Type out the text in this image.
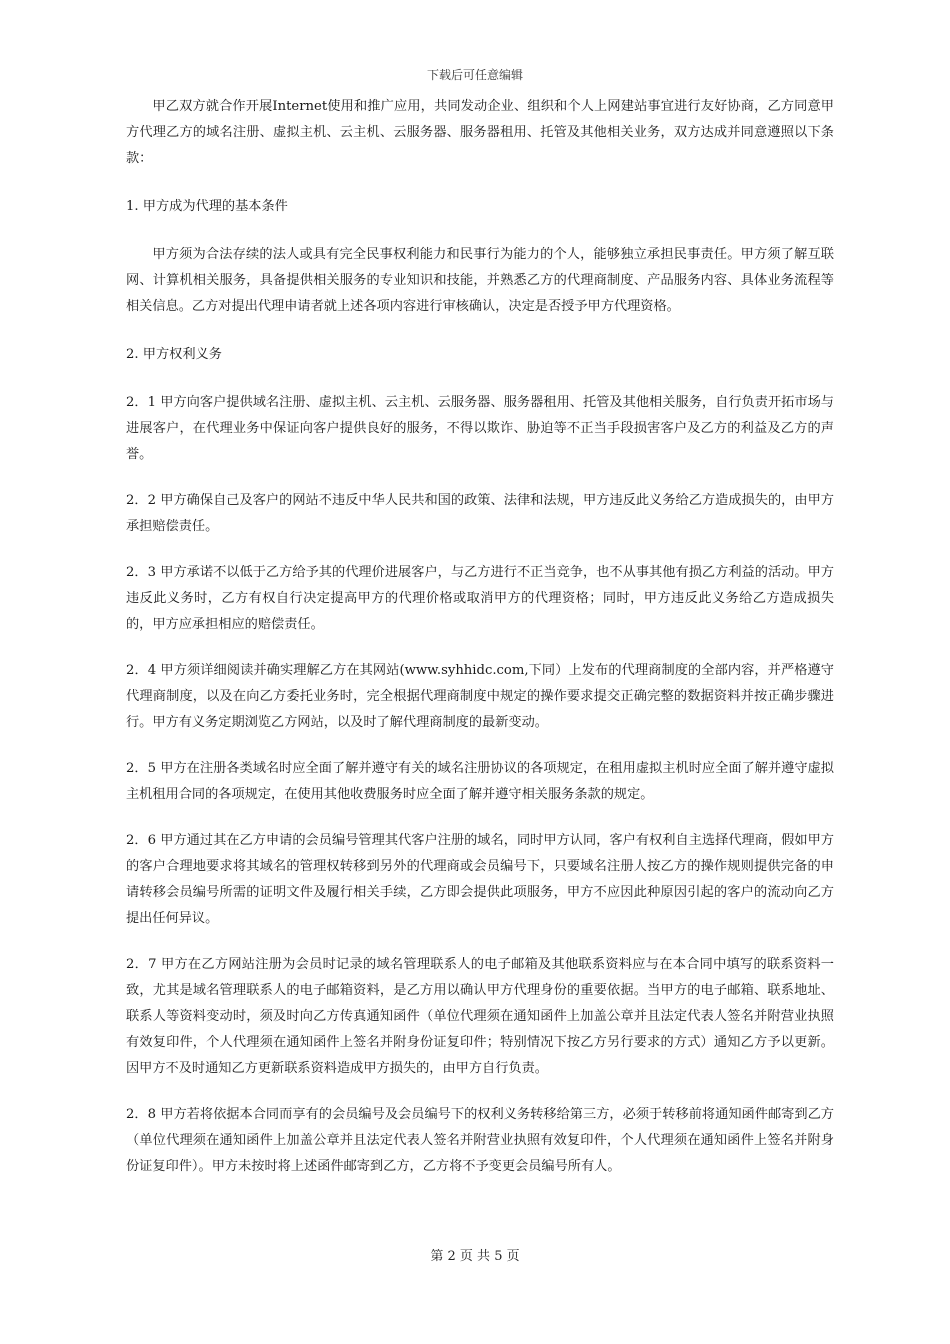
下载后可任意编辑

甲乙双方就合作开展Internet使用和推广应用，共同发动企业、组织和个人上网建站事宜进行友好协商，乙方同意甲方代理乙方的域名注册、虚拟主机、云主机、云服务器、服务器租用、托管及其他相关业务，双方达成并同意遵照以下条款：

1. 甲方成为代理的基本条件

甲方须为合法存续的法人或具有完全民事权利能力和民事行为能力的个人，能够独立承担民事责任。甲方须了解互联网、计算机相关服务，具备提供相关服务的专业知识和技能，并熟悉乙方的代理商制度、产品服务内容、具体业务流程等相关信息。乙方对提出代理申请者就上述各项内容进行审核确认，决定是否授予甲方代理资格。

2. 甲方权利义务

2．1 甲方向客户提供域名注册、虚拟主机、云主机、云服务器、服务器租用、托管及其他相关服务，自行负责开拓市场与进展客户，在代理业务中保证向客户提供良好的服务，不得以欺诈、胁迫等不正当手段损害客户及乙方的利益及乙方的声誉。

2．2 甲方确保自己及客户的网站不违反中华人民共和国的政策、法律和法规，甲方违反此义务给乙方造成损失的，由甲方承担赔偿责任。

2．3 甲方承诺不以低于乙方给予其的代理价进展客户，与乙方进行不正当竞争，也不从事其他有损乙方利益的活动。甲方违反此义务时，乙方有权自行决定提高甲方的代理价格或取消甲方的代理资格；同时，甲方违反此义务给乙方造成损失的，甲方应承担相应的赔偿责任。

2．4 甲方须详细阅读并确实理解乙方在其网站(www.syhhidc.com,下同）上发布的代理商制度的全部内容，并严格遵守代理商制度，以及在向乙方委托业务时，完全根据代理商制度中规定的操作要求提交正确完整的数据资料并按正确步骤进行。甲方有义务定期浏览乙方网站，以及时了解代理商制度的最新变动。

2．5 甲方在注册各类域名时应全面了解并遵守有关的域名注册协议的各项规定，在租用虚拟主机时应全面了解并遵守虚拟主机租用合同的各项规定，在使用其他收费服务时应全面了解并遵守相关服务条款的规定。

2．6 甲方通过其在乙方申请的会员编号管理其代客户注册的域名，同时甲方认同，客户有权利自主选择代理商，假如甲方的客户合理地要求将其域名的管理权转移到另外的代理商或会员编号下，只要域名注册人按乙方的操作规则提供完备的申请转移会员编号所需的证明文件及履行相关手续，乙方即会提供此项服务，甲方不应因此种原因引起的客户的流动向乙方提出任何异议。

2．7 甲方在乙方网站注册为会员时记录的域名管理联系人的电子邮箱及其他联系资料应与在本合同中填写的联系资料一致，尤其是域名管理联系人的电子邮箱资料，是乙方用以确认甲方代理身份的重要依据。当甲方的电子邮箱、联系地址、联系人等资料变动时，须及时向乙方传真通知函件（单位代理须在通知函件上加盖公章并且法定代表人签名并附营业执照有效复印件，个人代理须在通知函件上签名并附身份证复印件；特别情况下按乙方另行要求的方式）通知乙方予以更新。因甲方不及时通知乙方更新联系资料造成甲方损失的，由甲方自行负责。

2．8 甲方若将依据本合同而享有的会员编号及会员编号下的权利义务转移给第三方，必须于转移前将通知函件邮寄到乙方（单位代理须在通知函件上加盖公章并且法定代表人签名并附营业执照有效复印件，个人代理须在通知函件上签名并附身份证复印件）。甲方未按时将上述函件邮寄到乙方，乙方将不予变更会员编号所有人。

第 2 页 共 5 页
